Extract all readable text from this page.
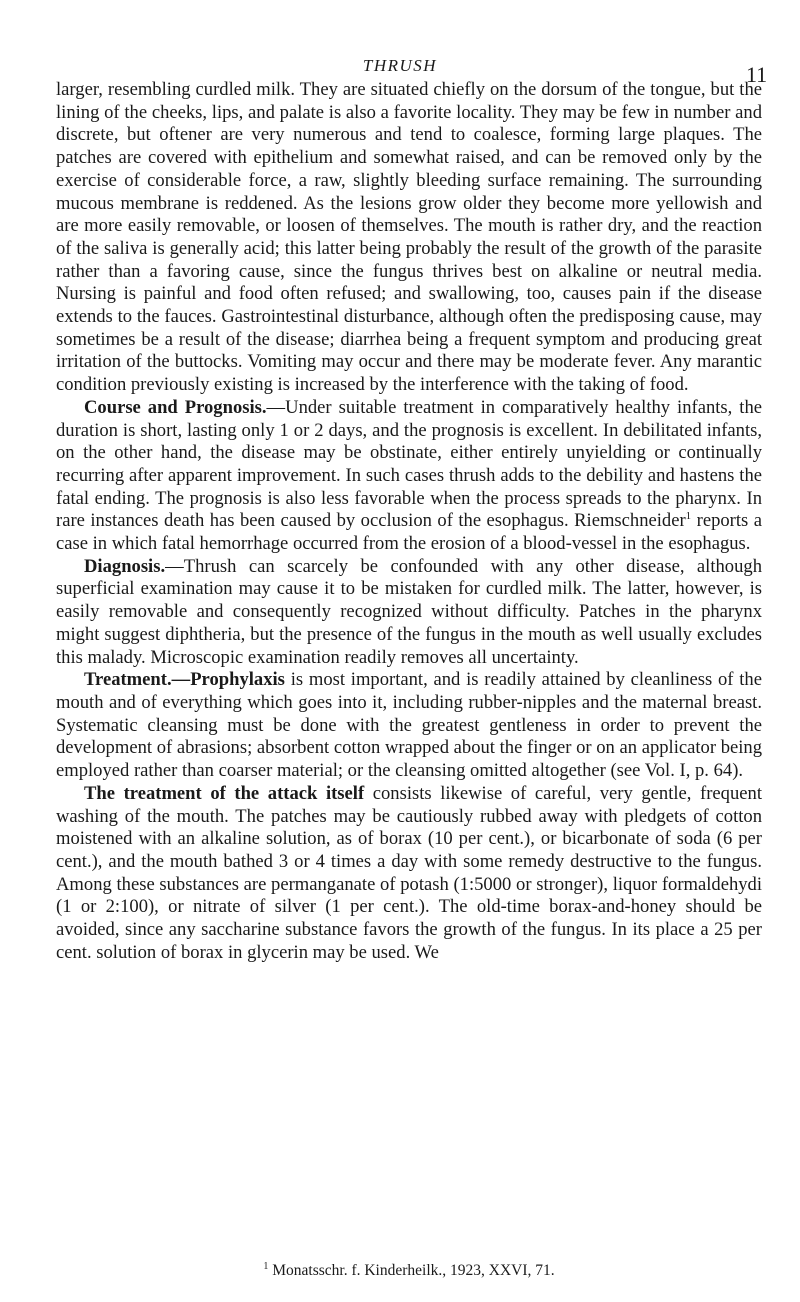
THRUSH	11

larger, resembling curdled milk. They are situated chiefly on the dorsum of the tongue, but the lining of the cheeks, lips, and palate is also a favorite locality. They may be few in number and discrete, but oftener are very numerous and tend to coalesce, forming large plaques. The patches are covered with epithelium and somewhat raised, and can be removed only by the exercise of considerable force, a raw, slightly bleeding surface remaining. The surrounding mucous membrane is reddened. As the lesions grow older they become more yellowish and are more easily removable, or loosen of themselves. The mouth is rather dry, and the reaction of the saliva is generally acid; this latter being probably the result of the growth of the parasite rather than a favoring cause, since the fungus thrives best on alkaline or neutral media. Nursing is painful and food often refused; and swallowing, too, causes pain if the disease extends to the fauces. Gastrointestinal disturbance, although often the predisposing cause, may sometimes be a result of the disease; diarrhea being a frequent symptom and producing great irritation of the buttocks. Vomiting may occur and there may be moderate fever. Any marantic condition previously existing is increased by the interference with the taking of food.

Course and Prognosis.—Under suitable treatment in comparatively healthy infants, the duration is short, lasting only 1 or 2 days, and the prognosis is excellent. In debilitated infants, on the other hand, the disease may be obstinate, either entirely unyielding or continually recurring after apparent improvement. In such cases thrush adds to the debility and hastens the fatal ending. The prognosis is also less favorable when the process spreads to the pharynx. In rare instances death has been caused by occlusion of the esophagus. Riemschneider$^1$ reports a case in which fatal hemorrhage occurred from the erosion of a blood-vessel in the esophagus.

Diagnosis.—Thrush can scarcely be confounded with any other disease, although superficial examination may cause it to be mistaken for curdled milk. The latter, however, is easily removable and consequently recognized without difficulty. Patches in the pharynx might suggest diphtheria, but the presence of the fungus in the mouth as well usually excludes this malady. Microscopic examination readily removes all uncertainty.

Treatment.—Prophylaxis is most important, and is readily attained by cleanliness of the mouth and of everything which goes into it, including rubber-nipples and the maternal breast. Systematic cleansing must be done with the greatest gentleness in order to prevent the development of abrasions; absorbent cotton wrapped about the finger or on an applicator being employed rather than coarser material; or the cleansing omitted altogether (see Vol. I, p. 64).

The treatment of the attack itself consists likewise of careful, very gentle, frequent washing of the mouth. The patches may be cautiously rubbed away with pledgets of cotton moistened with an alkaline solution, as of borax (10 per cent.), or bicarbonate of soda (6 per cent.), and the mouth bathed 3 or 4 times a day with some remedy destructive to the fungus. Among these substances are permanganate of potash (1:5000 or stronger), liquor formaldehydi (1 or 2:100), or nitrate of silver (1 per cent.). The old-time borax-and-honey should be avoided, since any saccharine substance favors the growth of the fungus. In its place a 25 per cent. solution of borax in glycerin may be used. We

$^1$ Monatsschr. f. Kinderheilk., 1923, XXVI, 71.
